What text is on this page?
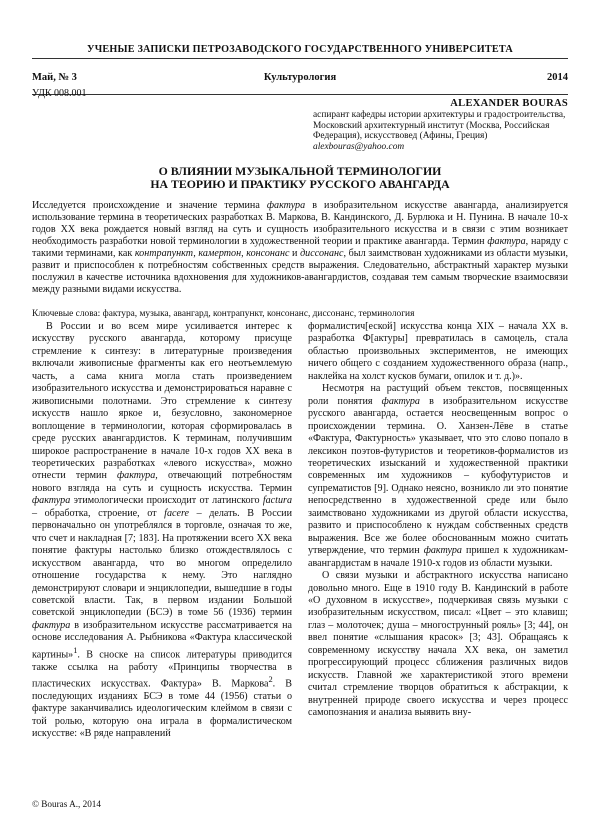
УЧЕНЫЕ ЗАПИСКИ ПЕТРОЗАВОДСКОГО ГОСУДАРСТВЕННОГО УНИВЕРСИТЕТА
Май, № 3	Культурология	2014
УДК 008.001
ALEXANDER BOURAS
аспирант кафедры истории архитектуры и градостроительства, Московский архитектурный институт (Москва, Российская Федерация), искусствовед (Афины, Греция)
alexbouras@yahoo.com
О ВЛИЯНИИ МУЗЫКАЛЬНОЙ ТЕРМИНОЛОГИИ
НА ТЕОРИЮ И ПРАКТИКУ РУССКОГО АВАНГАРДА

Исследуется происхождение и значение термина фактура в изобразительном искусстве авангарда, анализируется использование термина в теоретических разработках В. Маркова, В. Кандинского, Д. Бурлюка и Н. Пунина. В начале 10-х годов XX века рождается новый взгляд на суть и сущность изобразительного искусства и в связи с этим возникает необходимость разработки новой терминологии в художественной теории и практике авангарда. Термин фактура, наряду с такими терминами, как контрапункт, камертон, консонанс и диссонанс, был заимствован художниками из области музыки, развит и приспособлен к потребностям собственных средств выражения. Следовательно, абстрактный характер музыки послужил в качестве источника вдохновения для художников-авангардистов, создавая тем самым творческие взаимосвязи между разными видами искусства.

Ключевые слова: фактура, музыка, авангард, контрапункт, консонанс, диссонанс, терминология

В России и во всем мире усиливается интерес к искусству русского авангарда, которому присуще стремление к синтезу: в литературные произведения включали живописные фрагменты как его неотъемлемую часть, а сама книга могла стать произведением изобразительного искусства и демонстрироваться наравне с живописными полотнами. Это стремление к синтезу искусств нашло яркое и, безусловно, закономерное воплощение в терминологии, которая сформировалась в среде русских авангардистов. К терминам, получившим широкое распространение в начале 10-х годов XX века в теоретических разработках «левого искусства», можно отнести термин фактура, отвечающий потребностям нового взгляда на суть и сущность искусства. Термин фактура этимологически происходит от латинского factura – обработка, строение, от facere – делать. В России первоначально он употреблялся в торговле, означая то же, что счет и накладная [7; 183]. На протяжении всего XX века понятие фактуры настолько близко отождествлялось с искусством авангарда, что во многом определило отношение государства к нему. Это наглядно демонстрируют словари и энциклопедии, вышедшие в годы советской власти. Так, в первом издании Большой советской энциклопедии (БСЭ) в томе 56 (1936) термин фактура в изобразительном искусстве рассматривается на основе исследования А. Рыбникова «Фактура классической картины»$^1$. В сноске на список литературы приводится также ссылка на работу «Принципы творчества в пластических искусствах. Фактура» В. Маркова$^2$. В последующих изданиях БСЭ в томе 44 (1956) статьи о фактуре заканчивались идеологическим клеймом в связи с той ролью, которую она играла в формалистическом искусстве: «В ряде направлений

формалистич[еской] искусства конца XIX – начала XX в. разработка Ф[актуры] превратилась в самоцель, стала областью произвольных экспериментов, не имеющих ничего общего с созданием художественного образа (напр., наклейка на холст кусков бумаги, опилок и т. д.)».

Несмотря на растущий объем текстов, посвященных роли понятия фактура в изобразительном искусстве русского авангарда, остается неосвещенным вопрос о происхождении термина. О. Ханзен-Лёве в статье «Фактура, Фактурность» указывает, что это слово попало в лексикон поэтов-футуристов и теоретиков-формалистов из теоретических изысканий и художественной практики современных им художников – кубофутуристов и супрематистов [9]. Однако неясно, возникло ли это понятие непосредственно в художественной среде или было заимствовано художниками из другой области искусства, развито и приспособлено к нуждам собственных средств выражения. Все же более обоснованным можно считать утверждение, что термин фактура пришел к художникам-авангардистам в начале 1910-х годов из области музыки.

О связи музыки и абстрактного искусства написано довольно много. Еще в 1910 году В. Кандинский в работе «О духовном в искусстве», подчеркивая связь музыки с изобразительным искусством, писал: «Цвет – это клавиш; глаз – молоточек; душа – многострунный рояль» [3; 44], он ввел понятие «слышания красок» [3; 43]. Обращаясь к современному искусству начала XX века, он заметил прогрессирующий процесс сближения различных видов искусств. Главной же характеристикой этого времени считал стремление творцов обратиться к абстракции, к внутренней природе своего искусства и через процесс самопознания и анализа выявить вну-

© Bouras A., 2014
